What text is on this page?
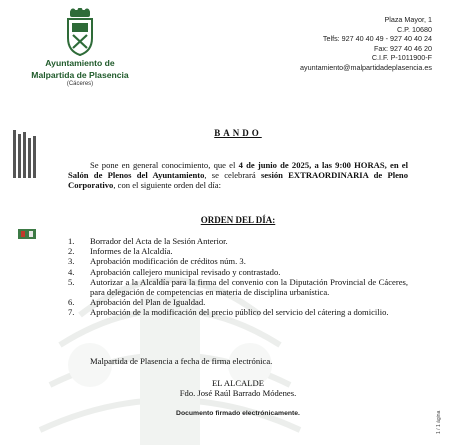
Ayuntamiento de
Malpartida de Plasencia
(Cáceres)
Plaza Mayor, 1
C.P. 10680
Telfs: 927 40 40 49 - 927 40 40 24
Fax: 927 40 46 20
C.I.F. P-1011900-F
ayuntamiento@malpartidadeplasencia.es
1 / 1 ágina
BANDO

Se pone en general conocimiento, que el 4 de junio de 2025, a las 9:00 HORAS, en el Salón de Plenos del Ayuntamiento, se celebrará sesión EXTRAORDINARIA de Pleno Corporativo, con el siguiente orden del día:

ORDEN DEL DÍA:
1.	Borrador del Acta de la Sesión Anterior.
2.	Informes de la Alcaldía.
3.	Aprobación modificación de créditos núm. 3.
4.	Aprobación callejero municipal revisado y contrastado.
5.	Autorizar a la Alcaldía para la firma del convenio con la Diputación Provincial de Cáceres, para delegación de competencias en materia de disciplina urbanística.
6.	Aprobación del Plan de Igualdad.
7.	Aprobación de la modificación del precio público del servicio del cátering a domicilio.

Malpartida de Plasencia a fecha de firma electrónica.

EL ALCALDE
Fdo. José Raúl Barrado Módenes.
Documento firmado electrónicamente.
